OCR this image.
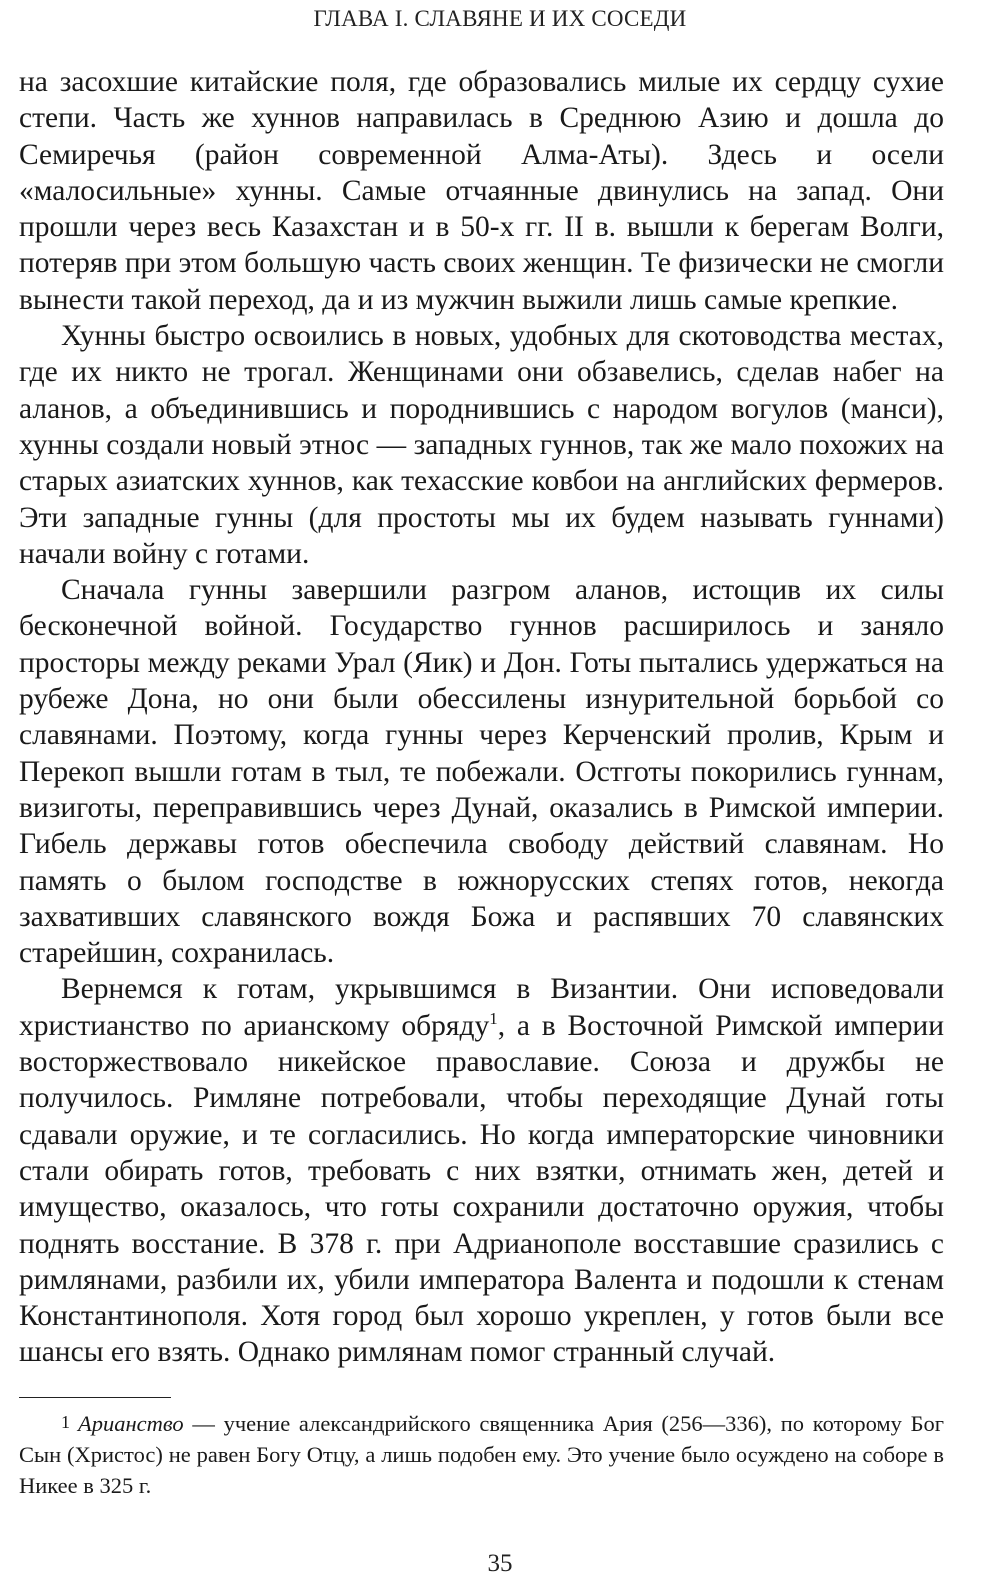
ГЛАВА I. СЛАВЯНЕ И ИХ СОСЕДИ

на засохшие китайские поля, где образовались милые их сердцу сухие степи. Часть же хуннов направилась в Среднюю Азию и дошла до Семиречья (район современной Алма-Аты). Здесь и осели «малосильные» хунны. Самые отчаянные двинулись на запад. Они прошли через весь Казахстан и в 50-х гг. II в. вышли к берегам Волги, потеряв при этом большую часть своих женщин. Те физически не смогли вынести такой переход, да и из мужчин выжили лишь самые крепкие.

Хунны быстро освоились в новых, удобных для скотоводства местах, где их никто не трогал. Женщинами они обзавелись, сделав набег на аланов, а объединившись и породнившись с народом вогулов (манси), хунны создали новый этнос — западных гуннов, так же мало похожих на старых азиатских хуннов, как техасские ковбои на английских фермеров. Эти западные гунны (для простоты мы их будем называть гуннами) начали войну с готами.

Сначала гунны завершили разгром аланов, истощив их силы бесконечной войной. Государство гуннов расширилось и заняло просторы между реками Урал (Яик) и Дон. Готы пытались удержаться на рубеже Дона, но они были обессилены изнурительной борьбой со славянами. Поэтому, когда гунны через Керченский пролив, Крым и Перекоп вышли готам в тыл, те побежали. Остготы покорились гуннам, визиготы, переправившись через Дунай, оказались в Римской империи. Гибель державы готов обеспечила свободу действий славянам. Но память о былом господстве в южнорусских степях готов, некогда захвативших славянского вождя Божа и распявших 70 славянских старейшин, сохранилась.

Вернемся к готам, укрывшимся в Византии. Они исповедовали христианство по арианскому обряду$^1$, а в Восточной Римской империи восторжествовало никейское православие. Союза и дружбы не получилось. Римляне потребовали, чтобы переходящие Дунай готы сдавали оружие, и те согласились. Но когда императорские чиновники стали обирать готов, требовать с них взятки, отнимать жен, детей и имущество, оказалось, что готы сохранили достаточно оружия, чтобы поднять восстание. В 378 г. при Адрианополе восставшие сразились с римлянами, разбили их, убили императора Валента и подошли к стенам Константинополя. Хотя город был хорошо укреплен, у готов были все шансы его взять. Однако римлянам помог странный случай.

1 Арианство — учение александрийского священника Ария (256—336), по которому Бог Сын (Христос) не равен Богу Отцу, а лишь подобен ему. Это учение было осуждено на соборе в Никее в 325 г.
35
